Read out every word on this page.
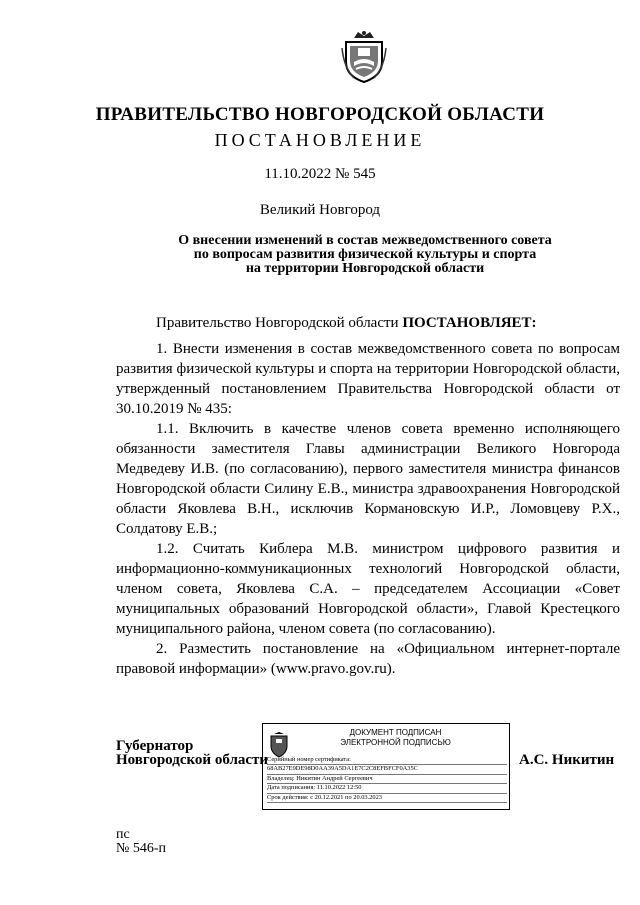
ПРАВИТЕЛЬСТВО НОВГОРОДСКОЙ ОБЛАСТИ
ПОСТАНОВЛЕНИЕ
11.10.2022 № 545
Великий Новгород
О внесении изменений в состав межведомственного совета
по вопросам развития физической культуры и спорта
на территории Новгородской области

Правительство Новгородской области ПОСТАНОВЛЯЕТ:

1. Внести изменения в состав межведомственного совета по вопросам развития физической культуры и спорта на территории Новгородской области, утвержденный постановлением Правительства Новгородской области от 30.10.2019 № 435:

1.1. Включить в качестве членов совета временно исполняющего обязанности заместителя Главы администрации Великого Новгорода Медведеву И.В. (по согласованию), первого заместителя министра финансов Новгородской области Силину Е.В., министра здравоохранения Новгородской области Яковлева В.Н., исключив Кормановскую И.Р., Ломовцеву Р.Х., Солдатову Е.В.;

1.2. Считать Киблера М.В. министром цифрового развития и информационно-коммуникационных технологий Новгородской области, членом совета, Яковлева С.А. – председателем Ассоциации «Совет муниципальных образований Новгородской области», Главой Крестецкого муниципального района, членом совета (по согласованию).

2. Разместить постановление на «Официальном интернет-портале правовой информации» (www.pravo.gov.ru).

Губернатор
Новгородской области
ДОКУМЕНТ ПОДПИСАН
ЭЛЕКТРОННОЙ ПОДПИСЬЮ
Серийный номер сертификата:
68AB27E9DE98D0AA39A5DA1E7C2C8EFBFCF0A35C
Владелец: Никитин Андрей Сергеевич
Дата подписания: 11.10.2022 12:50
Срок действия: с 20.12.2021 по 20.03.2023
А.С. Никитин
пс
№ 546-п
